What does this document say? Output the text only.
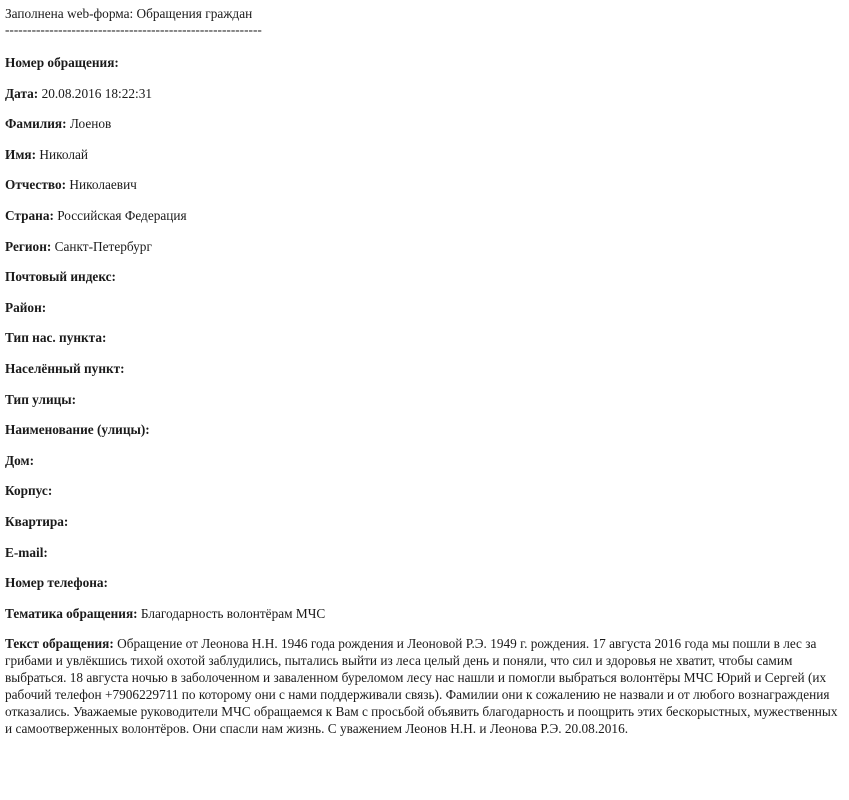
Заполнена web-форма: Обращения граждан
----------------------------------------------------------
Номер обращения:
Дата: 20.08.2016 18:22:31
Фамилия: Лоенов
Имя: Николай
Отчество: Николаевич
Страна: Российская Федерация
Регион: Санкт-Петербург
Почтовый индекс:
Район:
Тип нас. пункта:
Населённый пункт:
Тип улицы:
Наименование (улицы):
Дом:
Корпус:
Квартира:
E-mail:
Номер телефона:
Тематика обращения: Благодарность волонтёрам МЧС
Текст обращения: Обращение от Леонова Н.Н. 1946 года рождения и Леоновой Р.Э. 1949 г. рождения. 17 августа 2016 года мы пошли в лес за грибами и увлёкшись тихой охотой заблудились, пытались выйти из леса целый день и поняли, что сил и здоровья не хватит, чтобы самим выбраться. 18 августа ночью в заболоченном и заваленном буреломом лесу нас нашли и помогли выбраться волонтёры МЧС Юрий и Сергей (их рабочий телефон +7906229711 по которому они с нами поддерживали связь). Фамилии они к сожалению не назвали и от любого вознаграждения отказались. Уважаемые руководители МЧС обращаемся к Вам с просьбой объявить благодарность и поощрить этих бескорыстных, мужественных и самоотверженных волонтёров. Они спасли нам жизнь. С уважением Леонов Н.Н. и Леонова Р.Э. 20.08.2016.
